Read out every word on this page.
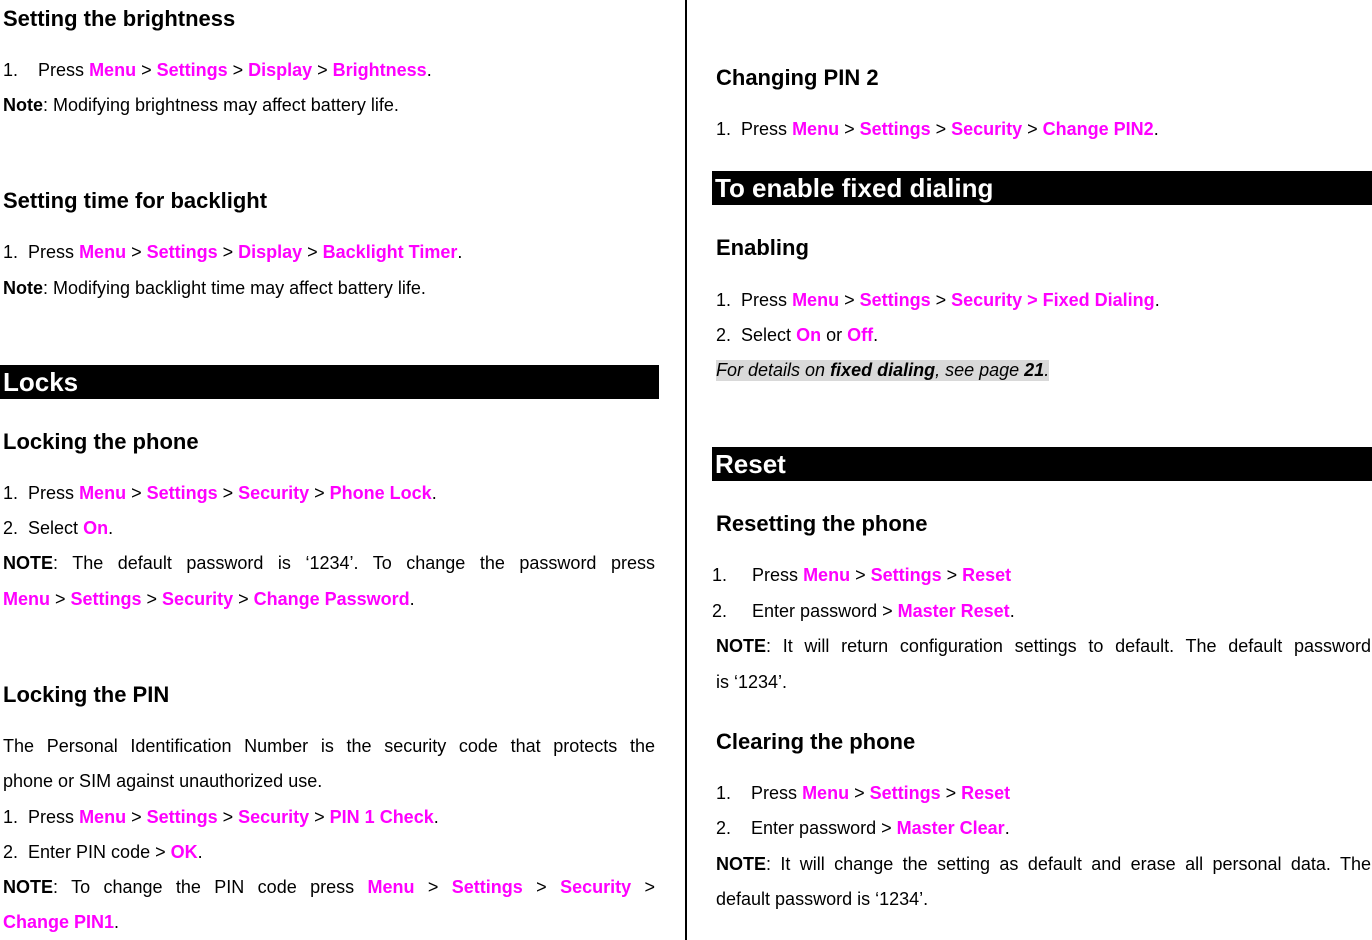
Setting the brightness
1. Press Menu > Settings > Display > Brightness.
Note: Modifying brightness may affect battery life.
Setting time for backlight
1. Press Menu > Settings > Display > Backlight Timer.
Note: Modifying backlight time may affect battery life.
Locks
Locking the phone
1. Press Menu > Settings > Security > Phone Lock.
2. Select On.
NOTE: The default password is ‘1234’. To change the password press
Menu > Settings > Security > Change Password.
Locking the PIN
The Personal Identification Number is the security code that protects the
phone or SIM against unauthorized use.
1. Press Menu > Settings > Security > PIN 1 Check.
2. Enter PIN code > OK.
NOTE: To change the PIN code press Menu > Settings > Security >
Change PIN1.
Changing PIN 2
1. Press Menu > Settings > Security > Change PIN2.
To enable fixed dialing
Enabling
1. Press Menu > Settings > Security > Fixed Dialing.
2. Select On or Off.
For details on fixed dialing, see page 21.
Reset
Resetting the phone
1. Press Menu > Settings > Reset
2. Enter password > Master Reset.
NOTE: It will return configuration settings to default. The default password
is ‘1234’.
Clearing the phone
1. Press Menu > Settings > Reset
2. Enter password > Master Clear.
NOTE: It will change the setting as default and erase all personal data. The
default password is ‘1234’.
